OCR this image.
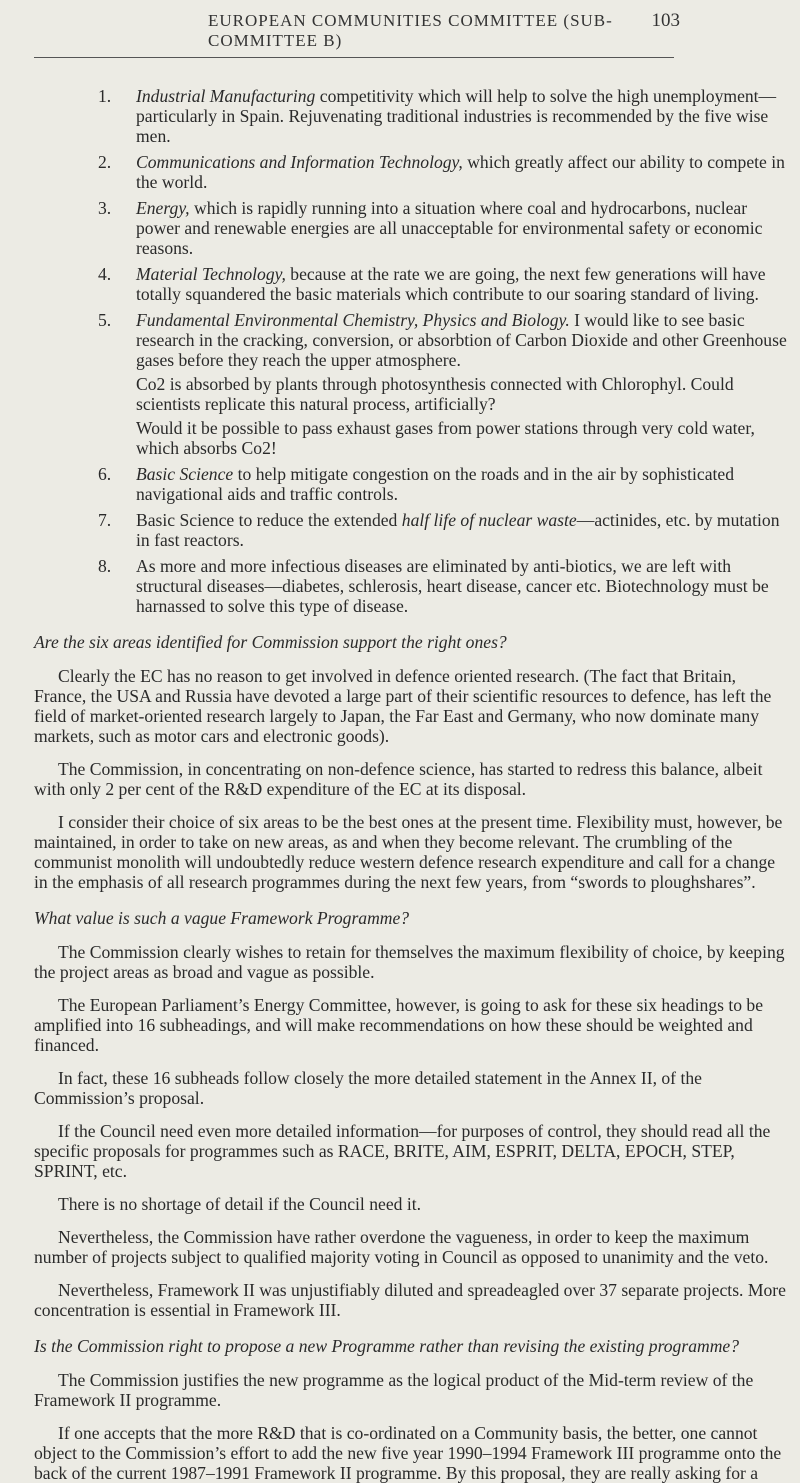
EUROPEAN COMMUNITIES COMMITTEE (SUB-COMMITTEE B)
103
1.	Industrial Manufacturing competitivity which will help to solve the high unemployment—particularly in Spain. Rejuvenating traditional industries is recommended by the five wise men.

2.	Communications and Information Technology, which greatly affect our ability to compete in the world.

3.	Energy, which is rapidly running into a situation where coal and hydrocarbons, nuclear power and renewable energies are all unacceptable for environmental safety or economic reasons.

4.	Material Technology, because at the rate we are going, the next few generations will have totally squandered the basic materials which contribute to our soaring standard of living.

5.	Fundamental Environmental Chemistry, Physics and Biology. I would like to see basic research in the cracking, conversion, or absorbtion of Carbon Dioxide and other Greenhouse gases before they reach the upper atmosphere.

Co2 is absorbed by plants through photosynthesis connected with Chlorophyl. Could scientists replicate this natural process, artificially?

Would it be possible to pass exhaust gases from power stations through very cold water, which absorbs Co2!

6.	Basic Science to help mitigate congestion on the roads and in the air by sophisticated navigational aids and traffic controls.

7.	Basic Science to reduce the extended half life of nuclear waste—actinides, etc. by mutation in fast reactors.

8.	As more and more infectious diseases are eliminated by anti-biotics, we are left with structural diseases—diabetes, schlerosis, heart disease, cancer etc. Biotechnology must be harnassed to solve this type of disease.

Are the six areas identified for Commission support the right ones?

Clearly the EC has no reason to get involved in defence oriented research. (The fact that Britain, France, the USA and Russia have devoted a large part of their scientific resources to defence, has left the field of market-oriented research largely to Japan, the Far East and Germany, who now dominate many markets, such as motor cars and electronic goods).

The Commission, in concentrating on non-defence science, has started to redress this balance, albeit with only 2 per cent of the R&D expenditure of the EC at its disposal.

I consider their choice of six areas to be the best ones at the present time. Flexibility must, however, be maintained, in order to take on new areas, as and when they become relevant. The crumbling of the communist monolith will undoubtedly reduce western defence research expenditure and call for a change in the emphasis of all research programmes during the next few years, from “swords to ploughshares”.

What value is such a vague Framework Programme?

The Commission clearly wishes to retain for themselves the maximum flexibility of choice, by keeping the project areas as broad and vague as possible.

The European Parliament’s Energy Committee, however, is going to ask for these six headings to be amplified into 16 subheadings, and will make recommendations on how these should be weighted and financed.

In fact, these 16 subheads follow closely the more detailed statement in the Annex II, of the Commission’s proposal.

If the Council need even more detailed information—for purposes of control, they should read all the specific proposals for programmes such as RACE, BRITE, AIM, ESPRIT, DELTA, EPOCH, STEP, SPRINT, etc.

There is no shortage of detail if the Council need it.

Nevertheless, the Commission have rather overdone the vagueness, in order to keep the maximum number of projects subject to qualified majority voting in Council as opposed to unanimity and the veto.

Nevertheless, Framework II was unjustifiably diluted and spreadeagled over 37 separate projects. More concentration is essential in Framework III.

Is the Commission right to propose a new Programme rather than revising the existing programme?

The Commission justifies the new programme as the logical product of the Mid-term review of the Framework II programme.

If one accepts that the more R&D that is co-ordinated on a Community basis, the better, one cannot object to the Commission’s effort to add the new five year 1990–1994 Framework III programme onto the back of the current 1987–1991 Framework II programme. By this proposal, they are really asking for a
